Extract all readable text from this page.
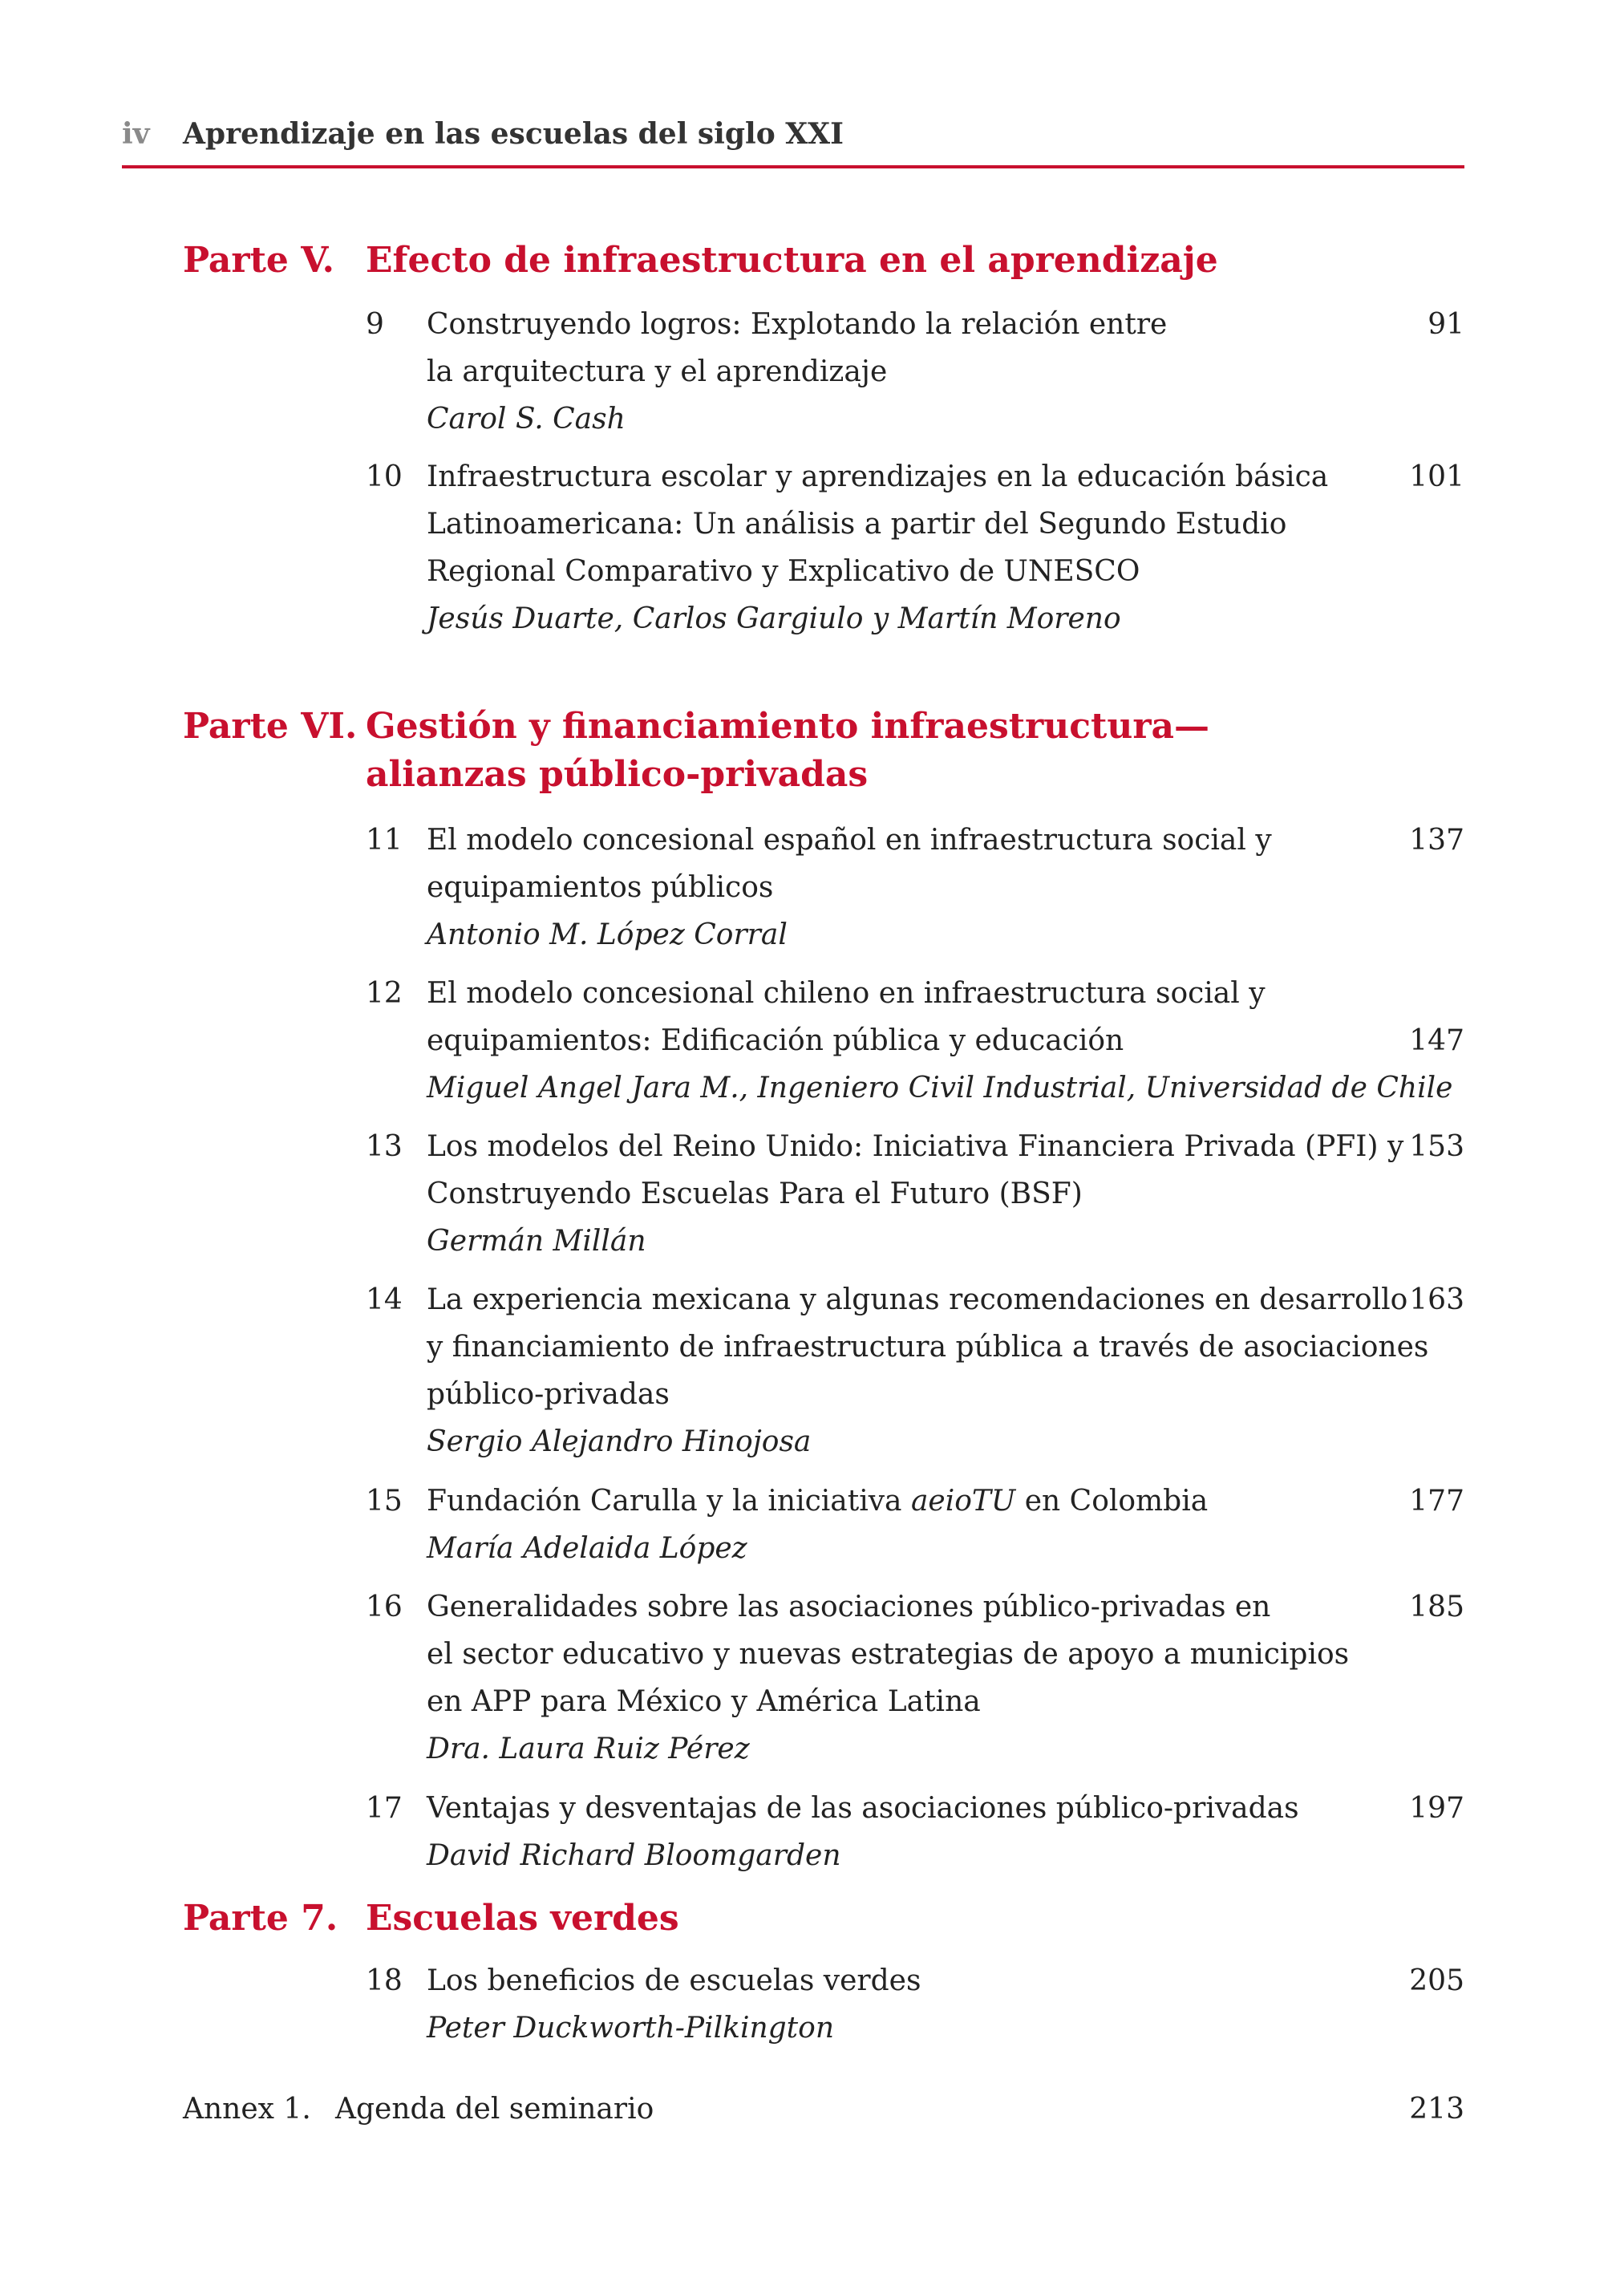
iv Aprendizaje en las escuelas del siglo XXI
Parte V. Efecto de infraestructura en el aprendizaje
9 Construyendo logros: Explotando la relación entre
la arquitectura y el aprendizaje
Carol S. Cash
91
10 Infraestructura escolar y aprendizajes en la educación básica
Latinoamericana: Un análisis a partir del Segundo Estudio
Regional Comparativo y Explicativo de UNESCO
Jesús Duarte, Carlos Gargiulo y Martín Moreno
101
Parte VI. Gestión y financiamiento infraestructura—
alianzas público-privadas
11 El modelo concesional español en infraestructura social y
equipamientos públicos
Antonio M. López Corral
137
12 El modelo concesional chileno en infraestructura social y
equipamientos: Edificación pública y educación
Miguel Angel Jara M., Ingeniero Civil Industrial, Universidad de Chile
147
13 Los modelos del Reino Unido: Iniciativa Financiera Privada (PFI) y
Construyendo Escuelas Para el Futuro (BSF)
Germán Millán
153
14 La experiencia mexicana y algunas recomendaciones en desarrollo
y financiamiento de infraestructura pública a través de asociaciones
público-privadas
Sergio Alejandro Hinojosa
163
15 Fundación Carulla y la iniciativa aeioTU en Colombia
María Adelaida López
177
16 Generalidades sobre las asociaciones público-privadas en
el sector educativo y nuevas estrategias de apoyo a municipios
en APP para México y América Latina
Dra. Laura Ruiz Pérez
185
17 Ventajas y desventajas de las asociaciones público-privadas
David Richard Bloomgarden
197
Parte 7. Escuelas verdes
18 Los beneficios de escuelas verdes
Peter Duckworth-Pilkington
205
Annex 1. Agenda del seminario	213
